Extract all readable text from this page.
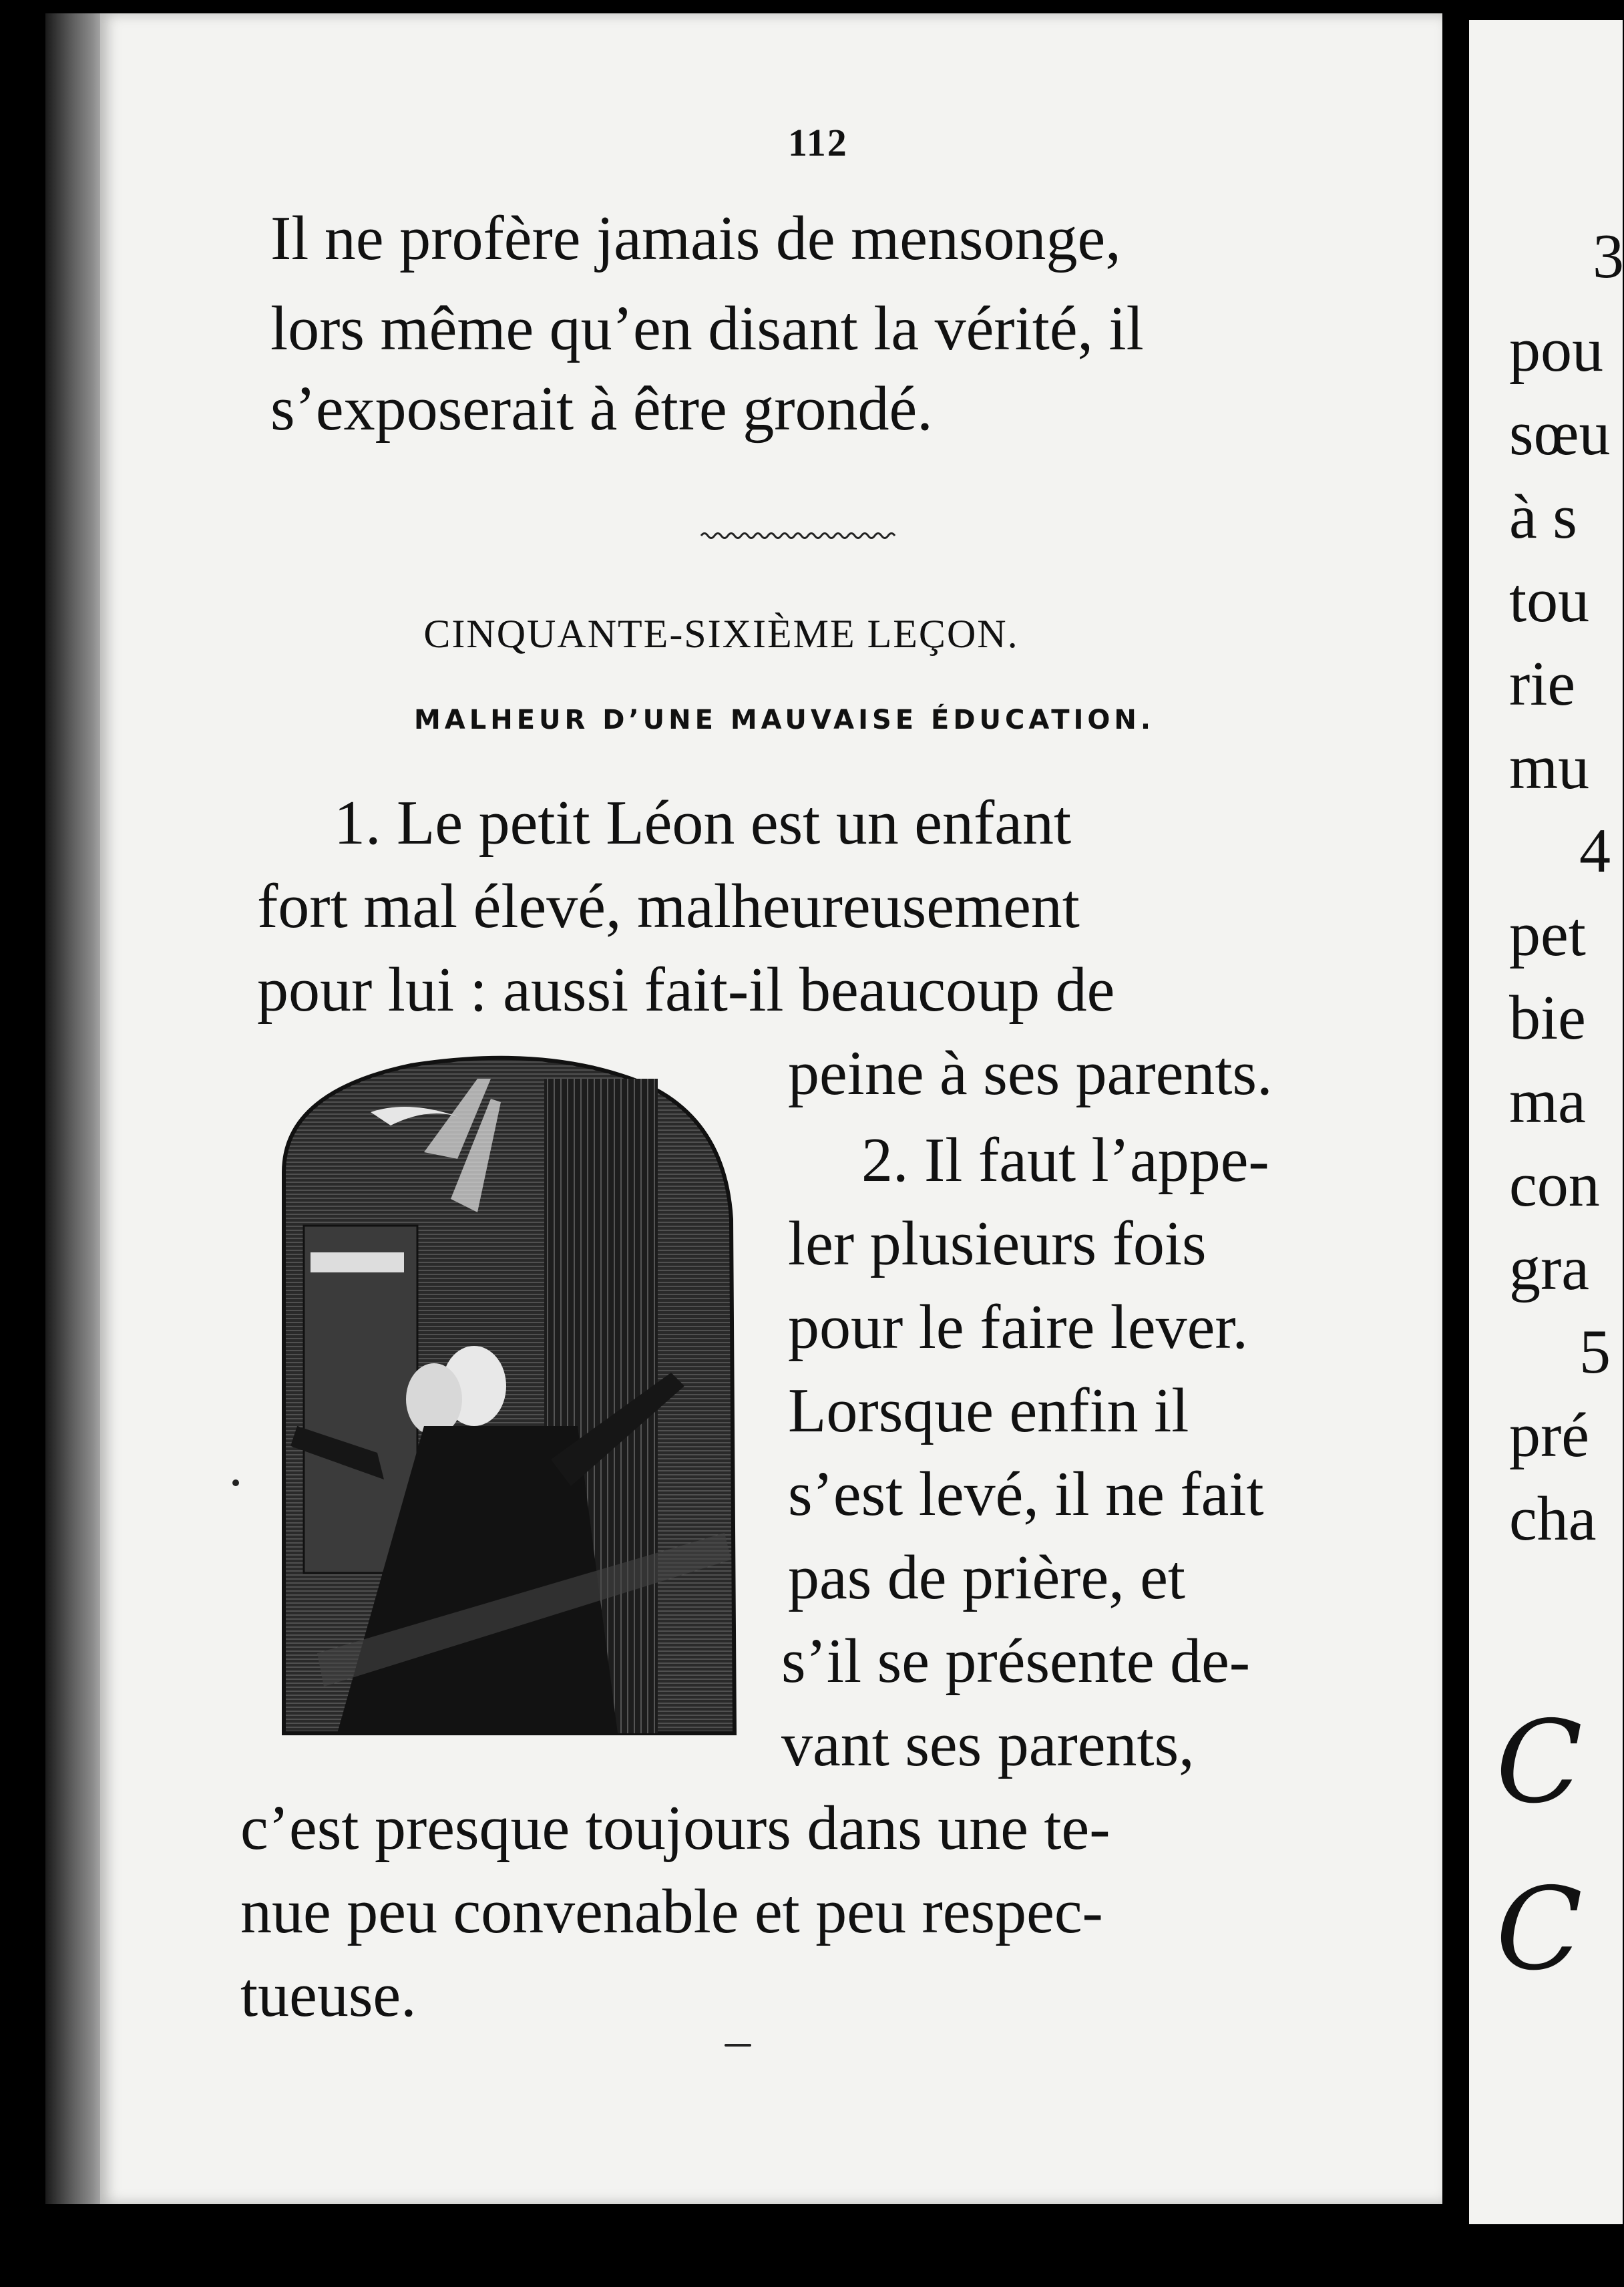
112
Il ne profère jamais de mensonge,
lors même qu’en disant la vérité, il
s’exposerait à être grondé.
CINQUANTE-SIXIÈME LEÇON.
MALHEUR D’UNE MAUVAISE ÉDUCATION.
1. Le petit Léon est un enfant
fort mal élevé, malheureusement
pour lui : aussi fait-il beaucoup de
peine à ses parents.
2. Il faut l’appe-
ler plusieurs fois
pour le faire lever.
Lorsque enfin il
s’est levé, il ne fait
pas de prière, et
s’il se présente de-
vant ses parents,
c’est presque toujours dans une te-
nue peu convenable et peu respec-
tueuse.
3
pou
sœu
à s
tou
rie
mu
4
pet
bie
ma
con
gra
5
pré
cha
C
C
